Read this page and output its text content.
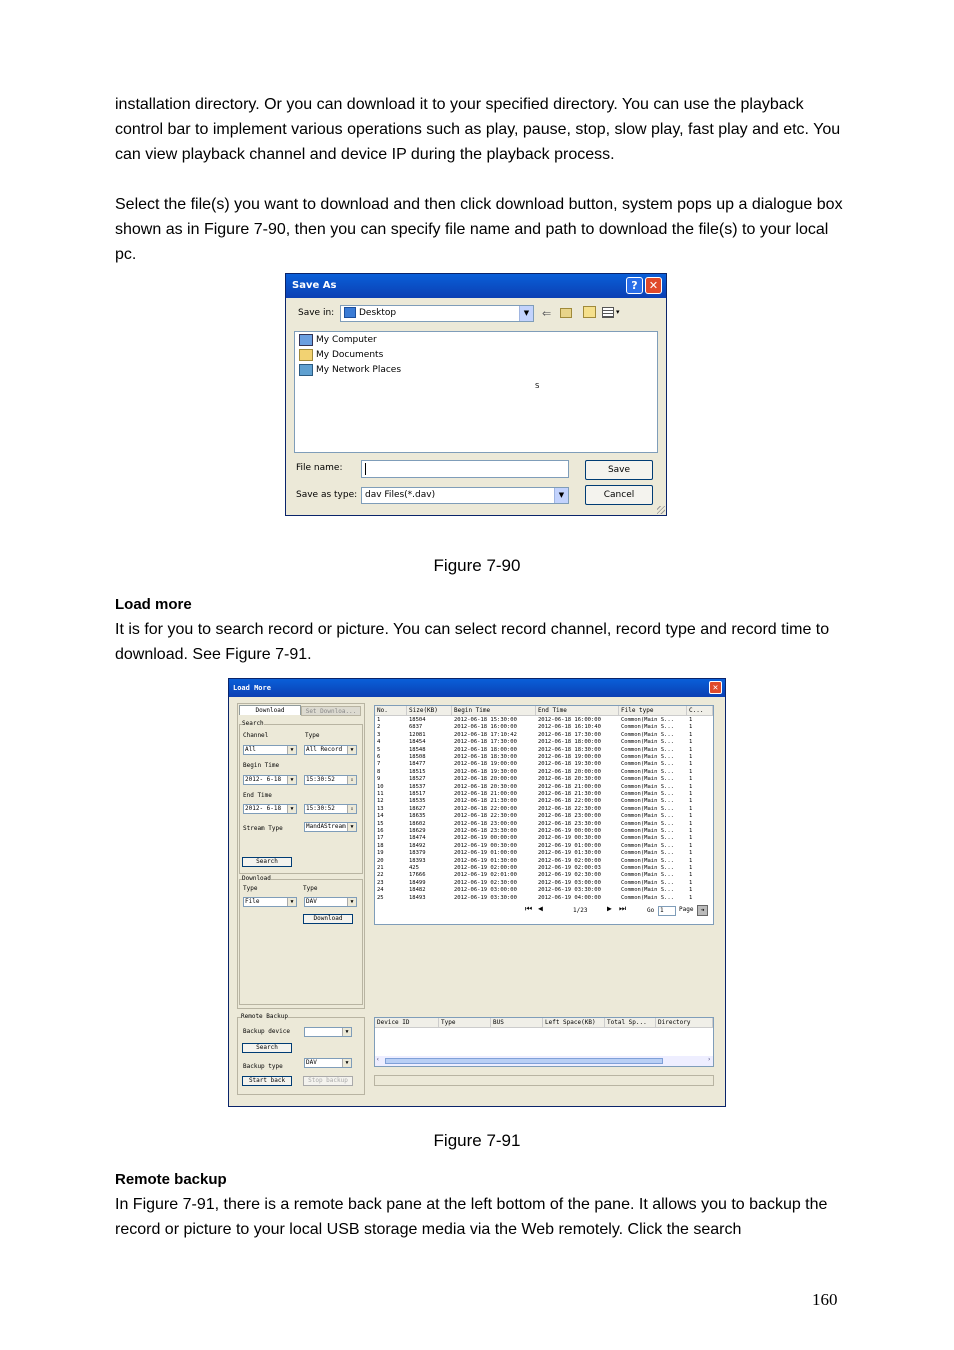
installation directory. Or you can download it to your specified directory. You can use the playback control bar to implement various operations such as play, pause, stop, slow play, fast play and etc. You can view playback channel and device IP during the playback process.
Select the file(s) you want to download and then click download button, system pops up a dialogue box shown as in Figure 7-90, then you can specify file name and path to download the file(s) to your local pc.
Save As	?	✕
Save in:	Desktop	▼	⇐	▾
My Computer
My Documents
My Network Places
S
File name:	Save
Save as type: dav Files(*.dav)	▼	Cancel
Figure 7-90
Load more
It is for you to search record or picture. You can select record channel, record type and record time to download. See Figure 7-91.
Load More	✕
Download	Set Downloa...
Search
Channel	Type
All	▼	All Record	▼
Begin Time
2012- 6-18	▼	15:30:52	⇕
End Time
2012- 6-18	▼	15:30:52	⇕
Stream Type	MandAStream ▼
Search
Download
Type	Type
File	▼	DAV	▼
Download
Remote Backup
Backup device	▼
Search
Backup type
DAV	▼
Start back	Stop backup
No.	Size(KB)	Begin Time	End Time	File type	C...
1	18504	2012-06-18 15:30:00	2012-06-18 16:00:00	Common(Main S...	1
2	6837	2012-06-18 16:00:00	2012-06-18 16:10:40	Common(Main S...	1
3	12081	2012-06-18 17:10:42	2012-06-18 17:30:00	Common(Main S...	1
4	18454	2012-06-18 17:30:00	2012-06-18 18:00:00	Common(Main S...	1
5	18548	2012-06-18 18:00:00	2012-06-18 18:30:00	Common(Main S...	1
6	18508	2012-06-18 18:30:00	2012-06-18 19:00:00	Common(Main S...	1
7	18477	2012-06-18 19:00:00	2012-06-18 19:30:00	Common(Main S...	1
8	18515	2012-06-18 19:30:00	2012-06-18 20:00:00	Common(Main S...	1
9	18527	2012-06-18 20:00:00	2012-06-18 20:30:00	Common(Main S...	1
10	18537	2012-06-18 20:30:00	2012-06-18 21:00:00	Common(Main S...	1
11	18517	2012-06-18 21:00:00	2012-06-18 21:30:00	Common(Main S...	1
12	18535	2012-06-18 21:30:00	2012-06-18 22:00:00	Common(Main S...	1
13	18627	2012-06-18 22:00:00	2012-06-18 22:30:00	Common(Main S...	1
14	18635	2012-06-18 22:30:00	2012-06-18 23:00:00	Common(Main S...	1
15	18602	2012-06-18 23:00:00	2012-06-18 23:30:00	Common(Main S...	1
16	18629	2012-06-18 23:30:00	2012-06-19 00:00:00	Common(Main S...	1
17	18474	2012-06-19 00:00:00	2012-06-19 00:30:00	Common(Main S...	1
18	18492	2012-06-19 00:30:00	2012-06-19 01:00:00	Common(Main S...	1
19	18379	2012-06-19 01:00:00	2012-06-19 01:30:00	Common(Main S...	1
20	18393	2012-06-19 01:30:00	2012-06-19 02:00:00	Common(Main S...	1
21	425	2012-06-19 02:00:00	2012-06-19 02:00:03	Common(Main S...	1
22	17666	2012-06-19 02:01:00	2012-06-19 02:30:00	Common(Main S...	1
23	18499	2012-06-19 02:30:00	2012-06-19 03:00:00	Common(Main S...	1
24	18482	2012-06-19 03:00:00	2012-06-19 03:30:00	Common(Main S...	1
25	18493	2012-06-19 03:30:00	2012-06-19 04:00:00	Common(Main S...	1
⏮ ◀	1/23 ▶ ⏭	Go 1	Page	➜
Device ID	Type	BUS	Left Space(KB)	Total Sp...	Directory
‹	›
Figure 7-91
Remote backup
In Figure 7-91, there is a remote back pane at the left bottom of the pane. It allows you to backup the record or picture to your local USB storage media via the Web remotely. Click the search
160
